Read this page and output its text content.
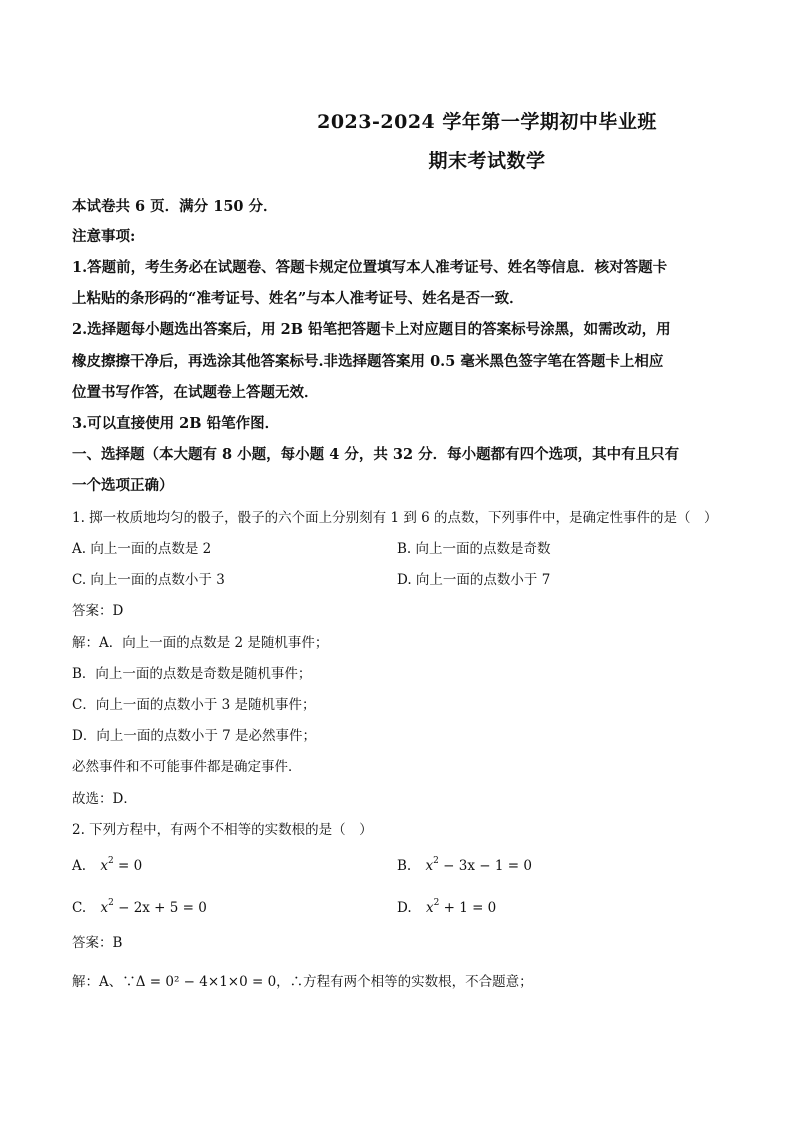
2023-2024 学年第一学期初中毕业班
期末考试数学
本试卷共 6 页．满分 150 分．
注意事项:
1.答题前，考生务必在试题卷、答题卡规定位置填写本人准考证号、姓名等信息．核对答题卡
上粘贴的条形码的“准考证号、姓名”与本人准考证号、姓名是否一致．
2.选择题每小题选出答案后，用 2B 铅笔把答题卡上对应题目的答案标号涂黑，如需改动，用
橡皮擦擦干净后，再选涂其他答案标号.非选择题答案用 0.5 毫米黑色签字笔在答题卡上相应
位置书写作答，在试题卷上答题无效．
3.可以直接使用 2B 铅笔作图．
一、选择题（本大题有 8 小题，每小题 4 分，共 32 分．每小题都有四个选项，其中有且只有
一个选项正确）
1. 掷一枚质地均匀的骰子，骰子的六个面上分别刻有 1 到 6 的点数，下列事件中，是确定性事件的是（　）
A. 向上一面的点数是 2	B. 向上一面的点数是奇数
C. 向上一面的点数小于 3	D. 向上一面的点数小于 7
答案：D
解：A．向上一面的点数是 2 是随机事件；
B．向上一面的点数是奇数是随机事件；
C．向上一面的点数小于 3 是随机事件；
D．向上一面的点数小于 7 是必然事件；
必然事件和不可能事件都是确定事件．
故选：D．
2. 下列方程中，有两个不相等的实数根的是（　）
A. $x^2 = 0$	B. $x^2 - 3x - 1 = 0$
C. $x^2 - 2x + 5 = 0$	D. $x^2 + 1 = 0$
答案：B
解：A、∵Δ = 0² − 4×1×0 = 0，∴方程有两个相等的实数根，不合题意；
